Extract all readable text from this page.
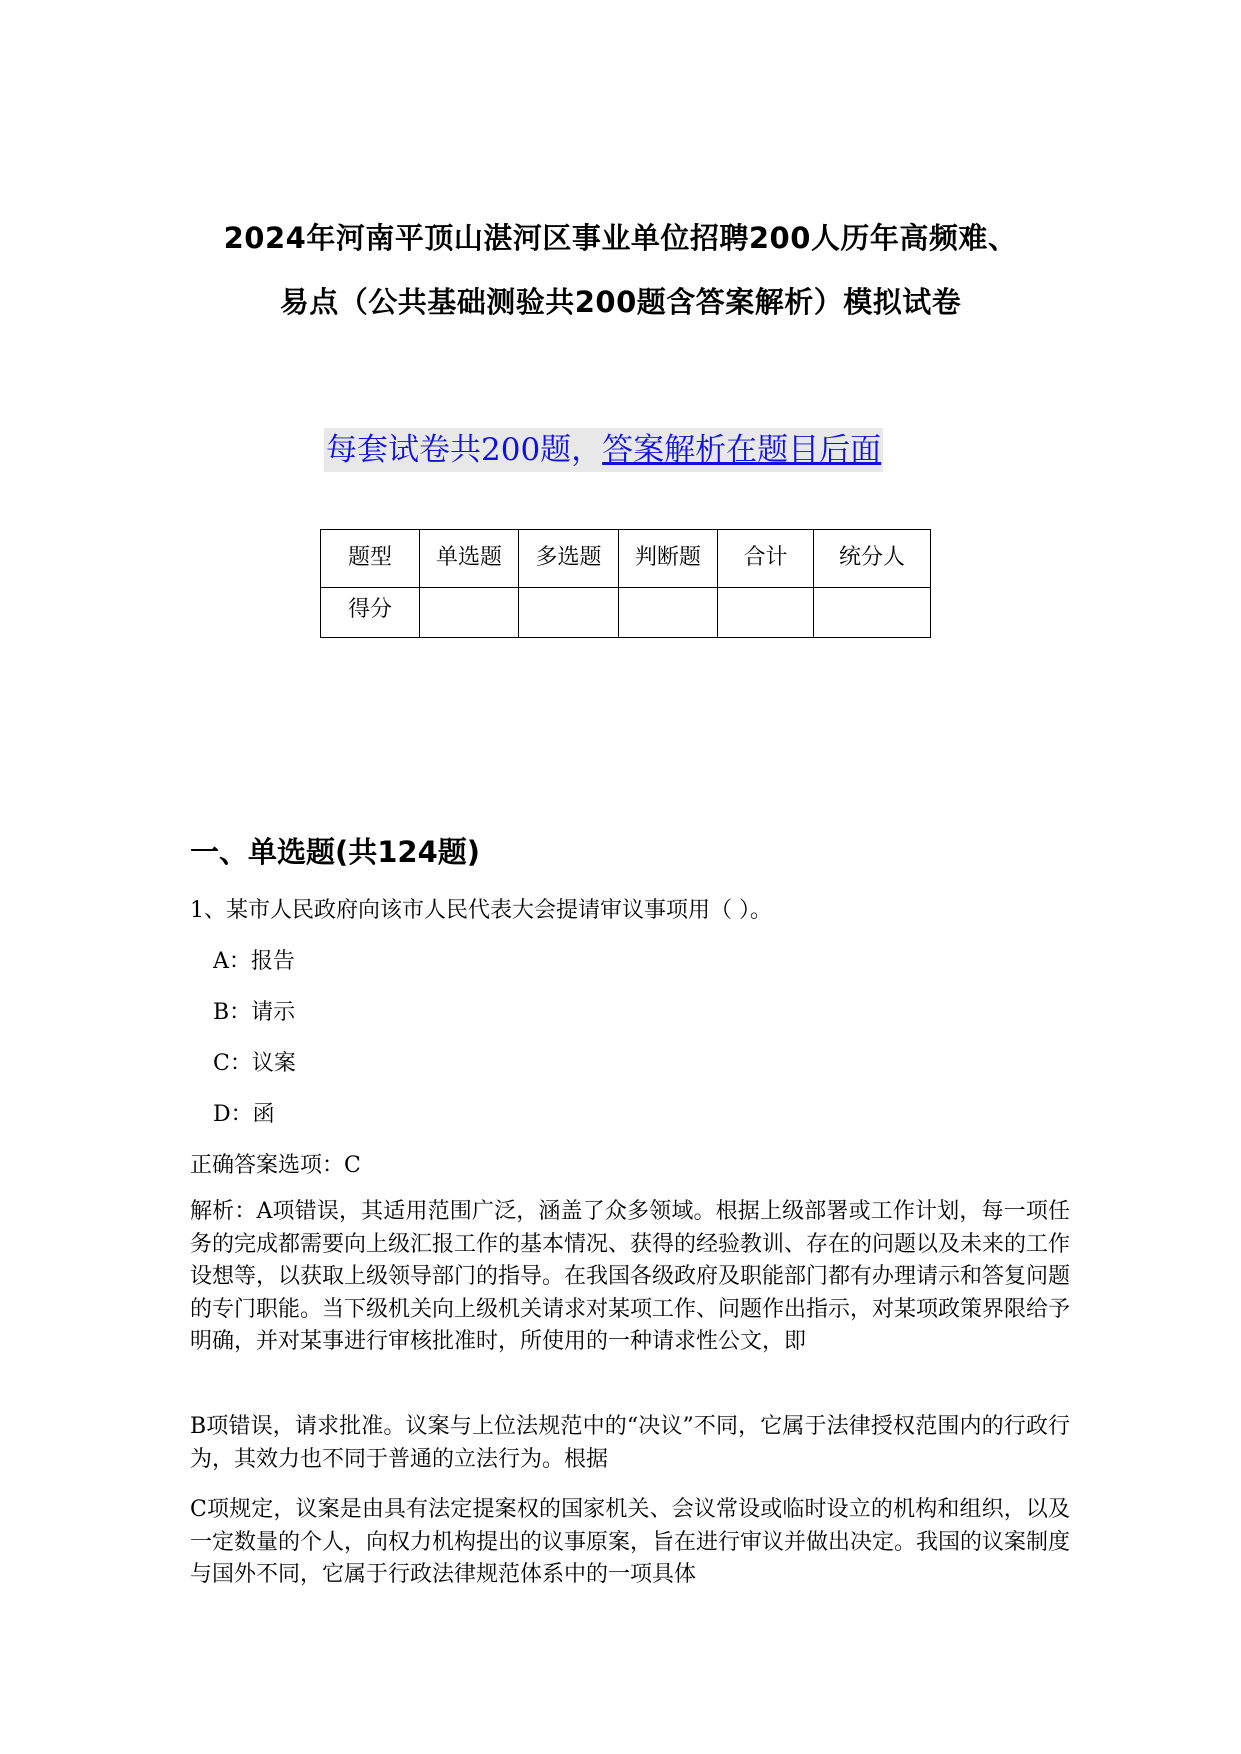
2024年河南平顶山湛河区事业单位招聘200人历年高频难、
易点（公共基础测验共200题含答案解析）模拟试卷
每套试卷共200题，答案解析在题目后面
题型	单选题	多选题	判断题	合计	统分人
得分					
一、单选题(共124题)
1、某市人民政府向该市人民代表大会提请审议事项用（ ）。
A：报告
B：请示
C：议案
D：函
正确答案选项：C
解析：A项错误，其适用范围广泛，涵盖了众多领域。根据上级部署或工作计划，每一项任务的完成都需要向上级汇报工作的基本情况、获得的经验教训、存在的问题以及未来的工作设想等，以获取上级领导部门的指导。在我国各级政府及职能部门都有办理请示和答复问题的专门职能。当下级机关向上级机关请求对某项工作、问题作出指示，对某项政策界限给予明确，并对某事进行审核批准时，所使用的一种请求性公文，即
B项错误，请求批准。议案与上位法规范中的“决议”不同，它属于法律授权范围内的行政行为，其效力也不同于普通的立法行为。根据
C项规定，议案是由具有法定提案权的国家机关、会议常设或临时设立的机构和组织，以及一定数量的个人，向权力机构提出的议事原案，旨在进行审议并做出决定。我国的议案制度与国外不同，它属于行政法律规范体系中的一项具体
